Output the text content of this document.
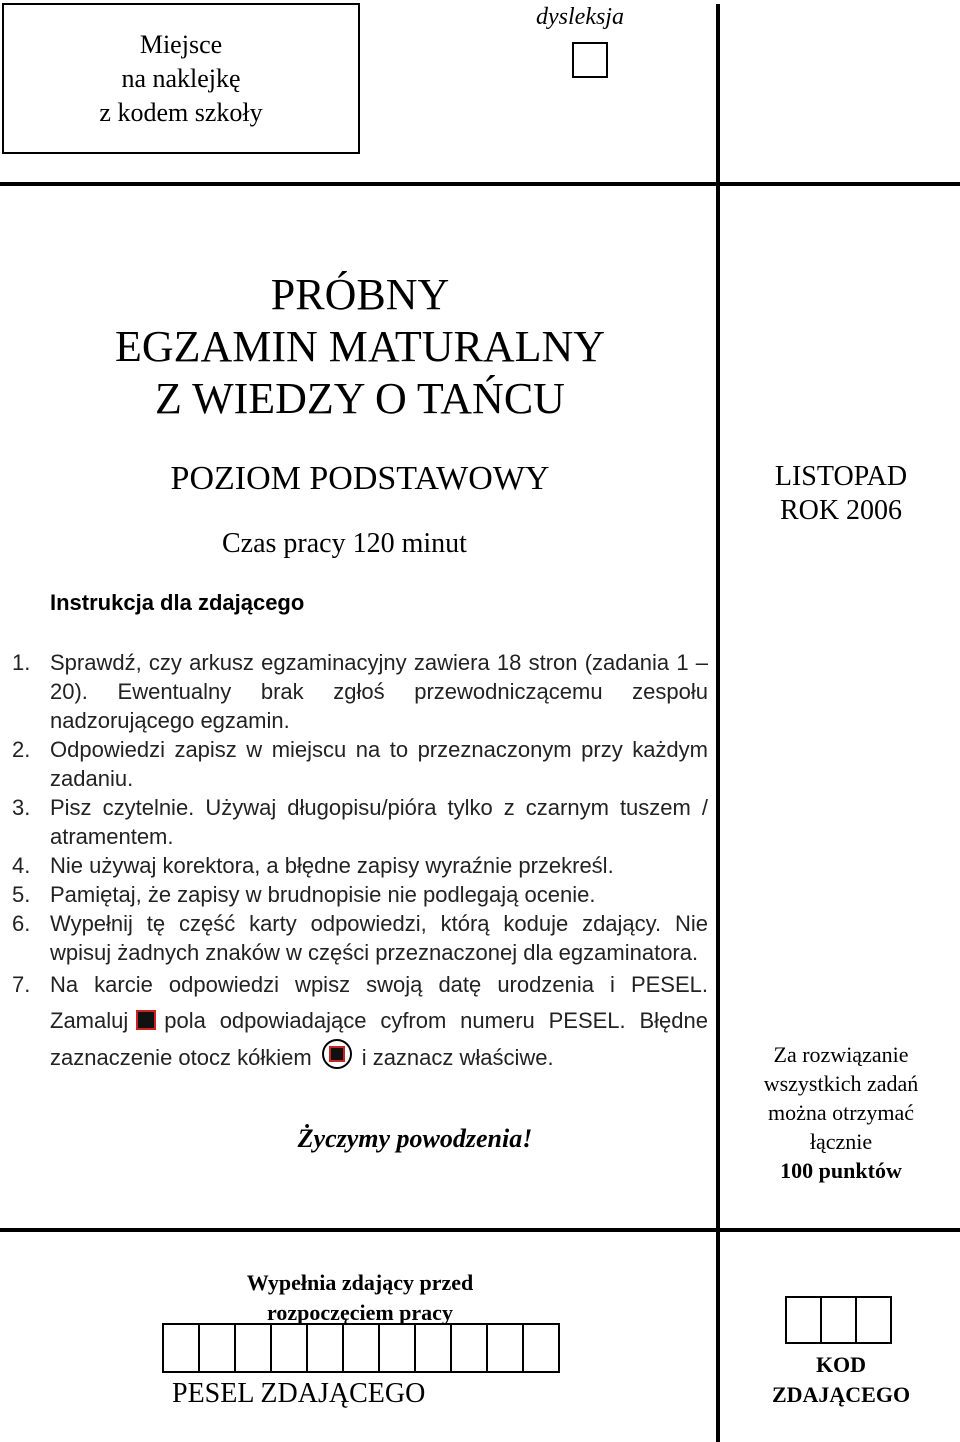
Miejsce
na naklejkę
z kodem szkoły
dysleksja
PRÓBNY
EGZAMIN MATURALNY
Z WIEDZY O TAŃCU
POZIOM PODSTAWOWY
Czas pracy 120 minut
LISTOPAD
ROK 2006
Instrukcja dla zdającego
1. Sprawdź, czy arkusz egzaminacyjny zawiera 18 stron (zadania 1 – 20). Ewentualny brak zgłoś przewodniczącemu zespołu nadzorującego egzamin.
2. Odpowiedzi zapisz w miejscu na to przeznaczonym przy każdym zadaniu.
3. Pisz czytelnie. Używaj długopisu/pióra tylko z czarnym tuszem / atramentem.
4. Nie używaj korektora, a błędne zapisy wyraźnie przekreśl.
5. Pamiętaj, że zapisy w brudnopisie nie podlegają ocenie.
6. Wypełnij tę część karty odpowiedzi, którą koduje zdający. Nie wpisuj żadnych znaków w części przeznaczonej dla egzaminatora.
7. Na karcie odpowiedzi wpisz swoją datę urodzenia i PESEL. Zamaluj pola odpowiadające cyfrom numeru PESEL. Błędne zaznaczenie otocz kółkiem i zaznacz właściwe.
Życzymy powodzenia!
Za rozwiązanie
wszystkich zadań
można otrzymać
łącznie
100 punktów
Wypełnia zdający przed
rozpoczęciem pracy
PESEL ZDAJĄCEGO
KOD
ZDAJĄCEGO
